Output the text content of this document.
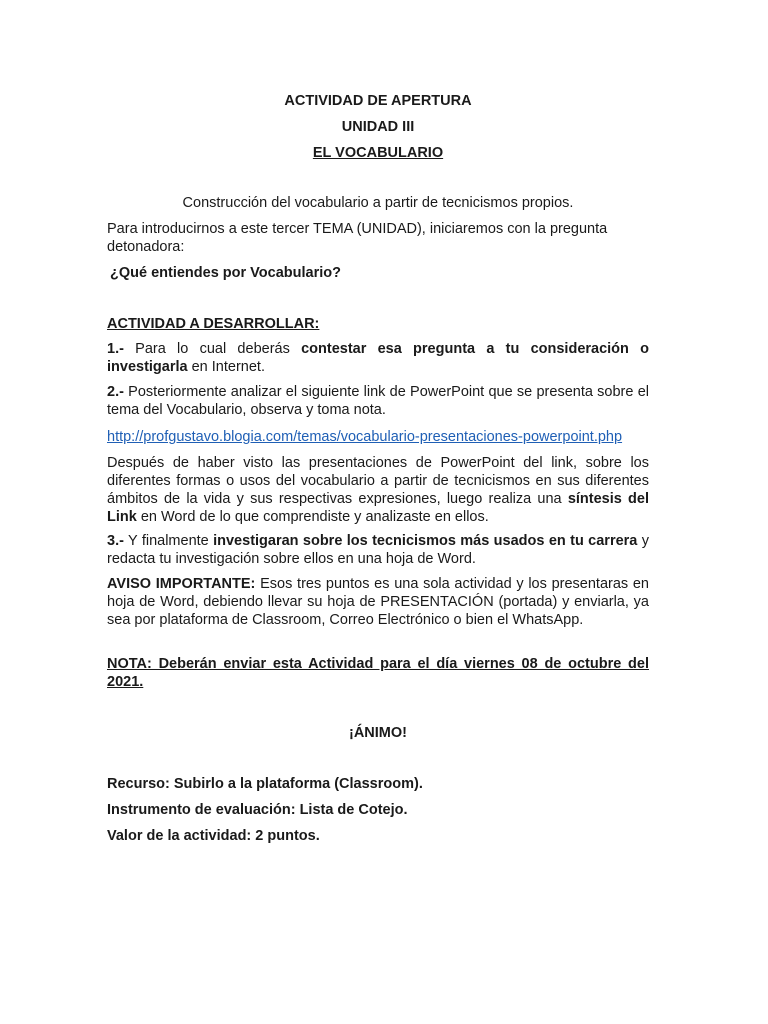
ACTIVIDAD DE APERTURA
UNIDAD III
EL VOCABULARIO
Construcción del vocabulario a partir de tecnicismos propios.
Para introducirnos a este tercer TEMA (UNIDAD), iniciaremos con la pregunta detonadora:
¿Qué entiendes por Vocabulario?
ACTIVIDAD A DESARROLLAR:
1.- Para lo cual deberás contestar esa pregunta a tu consideración o investigarla en Internet.
2.- Posteriormente analizar el siguiente link de PowerPoint que se presenta sobre el tema del Vocabulario, observa y toma nota.
http://profgustavo.blogia.com/temas/vocabulario-presentaciones-powerpoint.php
Después de haber visto las presentaciones de PowerPoint del link, sobre los diferentes formas o usos del vocabulario a partir de tecnicismos en sus diferentes ámbitos de la vida y sus respectivas expresiones, luego realiza una síntesis del Link en Word de lo que comprendiste y analizaste en ellos.
3.- Y finalmente investigaran sobre los tecnicismos más usados en tu carrera y redacta tu investigación sobre ellos en una hoja de Word.
AVISO IMPORTANTE: Esos tres puntos es una sola actividad y los presentaras en hoja de Word, debiendo llevar su hoja de PRESENTACIÓN (portada) y enviarla, ya sea por plataforma de Classroom, Correo Electrónico o bien el WhatsApp.
NOTA: Deberán enviar esta Actividad para el día viernes 08 de octubre del 2021.
¡ÁNIMO!
Recurso: Subirlo a la plataforma (Classroom).
Instrumento de evaluación: Lista de Cotejo.
Valor de la actividad: 2 puntos.
